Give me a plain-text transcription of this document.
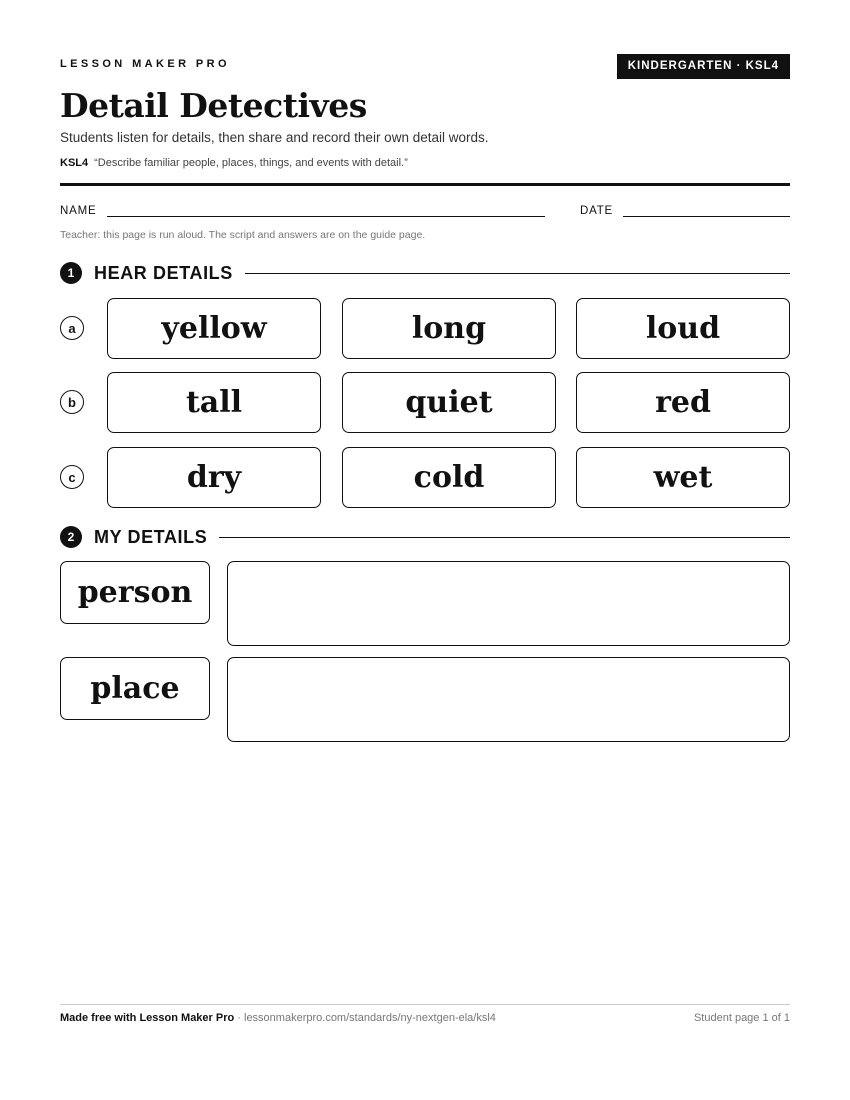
LESSON MAKER PRO	KINDERGARTEN · KSL4
Detail Detectives
Students listen for details, then share and record their own detail words.
KSL4 “Describe familiar people, places, things, and events with detail.”
NAME	DATE
Teacher: this page is run aloud. The script and answers are on the guide page.
1	HEAR DETAILS
a	yellow	long	loud
b	tall	quiet	red
c	dry	cold	wet
2	MY DETAILS
person
place
Made free with Lesson Maker Pro · lessonmakerpro.com/standards/ny-nextgen-ela/ksl4	Student page 1 of 1
